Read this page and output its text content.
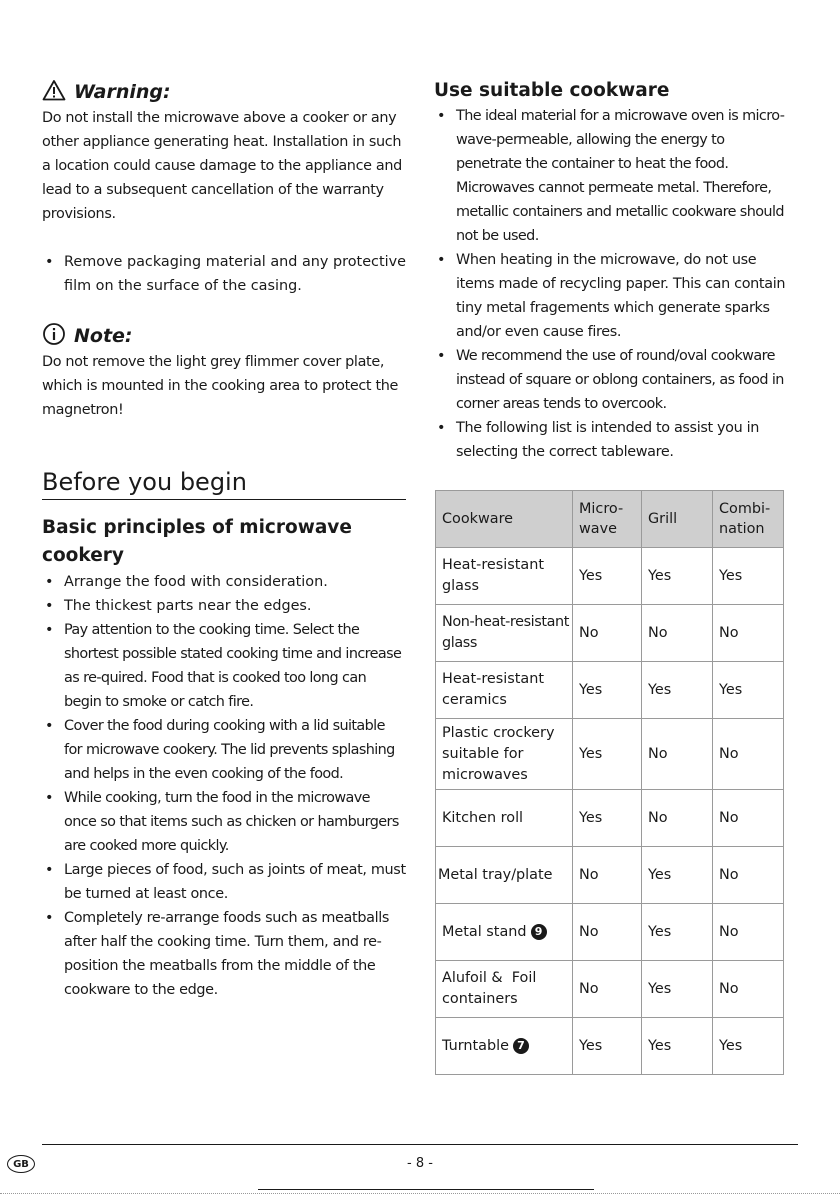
Warning:

Do not install the microwave above a cooker or any other appliance generating heat. Installation in such a location could cause damage to the appliance and lead to a subsequent cancellation of the warranty provisions.

• Remove packaging material and any protective film on the surface of the casing.
Note:

Do not remove the light grey flimmer cover plate, which is mounted in the cooking area to protect the magnetron!

Before you begin
Basic principles of microwave cookery
• Arrange the food with consideration.
• The thickest parts near the edges.
• Pay attention to the cooking time. Select the shortest possible stated cooking time and increase as re-quired. Food that is cooked too long can begin to smoke or catch fire.
• Cover the food during cooking with a lid suitable for microwave cookery. The lid prevents splashing and helps in the even cooking of the food.
• While cooking, turn the food in the microwave once so that items such as chicken or hamburgers are cooked more quickly.
• Large pieces of food, such as joints of meat, must be turned at least once.
• Completely re-arrange foods such as meatballs after half the cooking time. Turn them, and re-position the meatballs from the middle of the cookware to the edge.
Use suitable cookware
• The ideal material for a microwave oven is micro-wave-permeable, allowing the energy to penetrate the container to heat the food.
Microwaves cannot permeate metal. Therefore, metallic containers and metallic cookware should not be used.
• When heating in the microwave, do not use items made of recycling paper. This can contain tiny metal fragements which generate sparks and/or even cause fires.
• We recommend the use of round/oval cookware instead of square or oblong containers, as food in corner areas tends to overcook.
• The following list is intended to assist you in selecting the correct tableware.
Cookware	Micro-wave	Grill	Combi-nation
Heat-resistant glass	Yes	Yes	Yes
Non-heat-resistant glass	No	No	No
Heat-resistant ceramics	Yes	Yes	Yes
Plastic crockery suitable for microwaves	Yes	No	No
Kitchen roll	Yes	No	No
Metal tray/plate	No	Yes	No
Metal stand 9	No	Yes	No
Alufoil &  Foil containers	No	Yes	No
Turntable 7	Yes	Yes	Yes
GB	- 8 -
